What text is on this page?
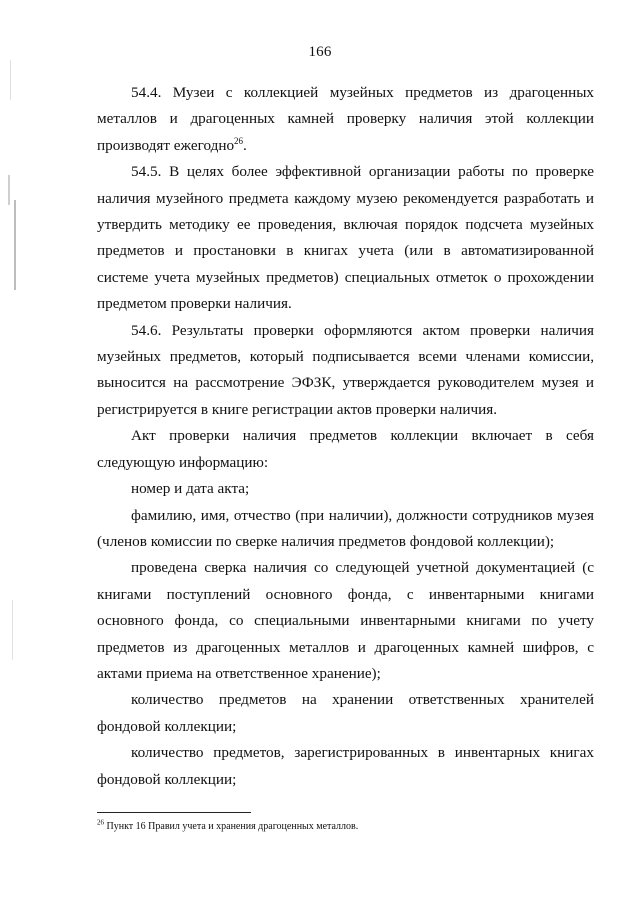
166

54.4. Музеи с коллекцией музейных предметов из драгоценных металлов и драгоценных камней проверку наличия этой коллекции производят ежегодно$^{26}$.

54.5. В целях более эффективной организации работы по проверке наличия музейного предмета каждому музею рекомендуется разработать и утвердить методику ее проведения, включая порядок подсчета музейных предметов и простановки в книгах учета (или в автоматизированной системе учета музейных предметов) специальных отметок о прохождении предметом проверки наличия.

54.6. Результаты проверки оформляются актом проверки наличия музейных предметов, который подписывается всеми членами комиссии, выносится на рассмотрение ЭФЗК, утверждается руководителем музея и регистрируется в книге регистрации актов проверки наличия.

Акт проверки наличия предметов коллекции включает в себя следующую информацию:

номер и дата акта;

фамилию, имя, отчество (при наличии), должности сотрудников музея (членов комиссии по сверке наличия предметов фондовой коллекции);

проведена сверка наличия со следующей учетной документацией (с книгами поступлений основного фонда, с инвентарными книгами основного фонда, со специальными инвентарными книгами по учету предметов из драгоценных металлов и драгоценных камней шифров, с актами приема на ответственное хранение);

количество предметов на хранении ответственных хранителей фондовой коллекции;

количество предметов, зарегистрированных в инвентарных книгах фондовой коллекции;

$^{26}$ Пункт 16 Правил учета и хранения драгоценных металлов.
